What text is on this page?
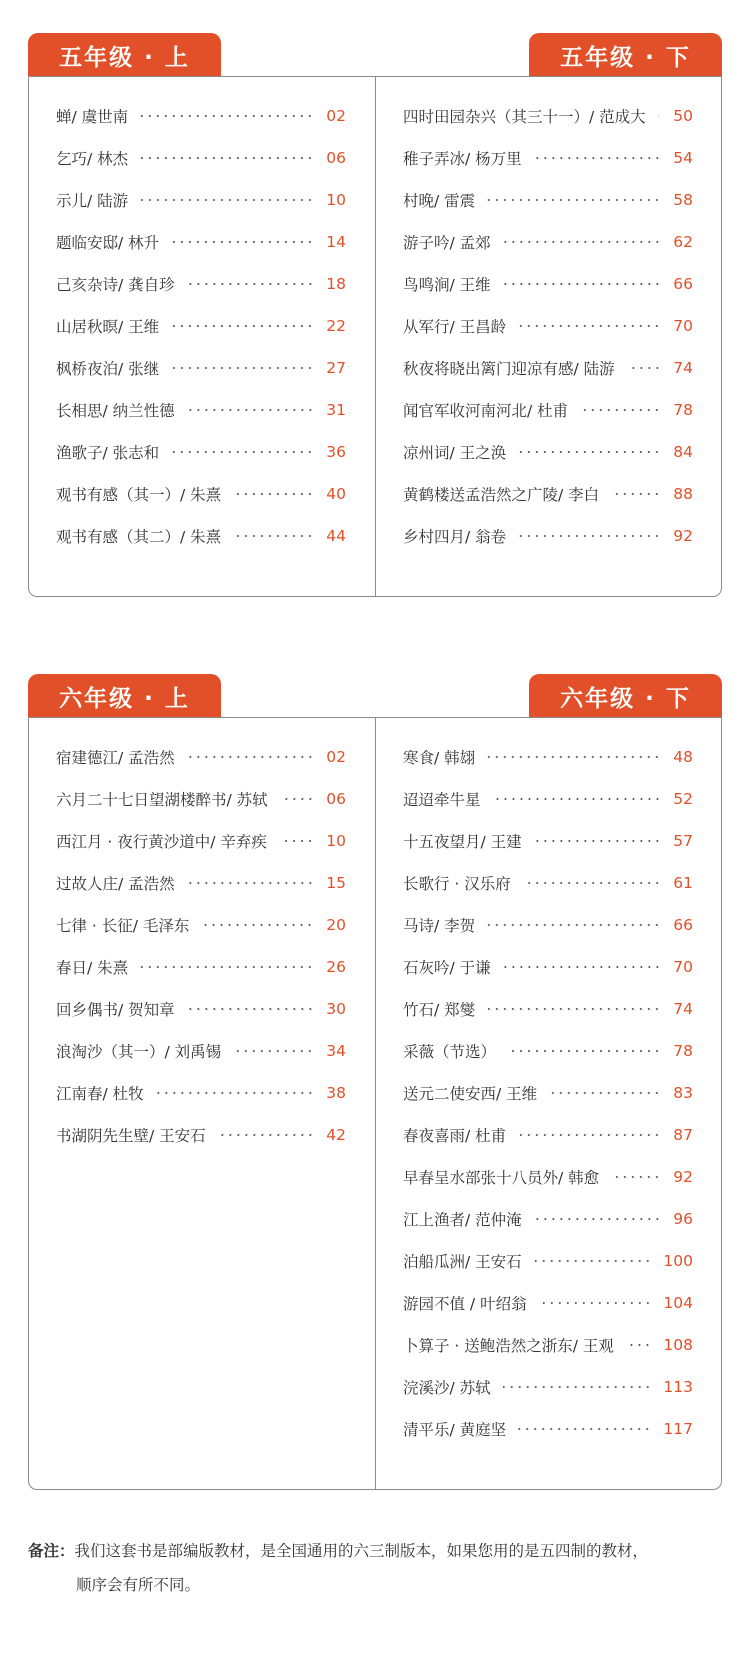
五年级 · 上	五年级 · 下
蝉/ 虞世南	02
乞巧/ 林杰	06
示儿/ 陆游	10
题临安邸/ 林升	14
己亥杂诗/ 龚自珍	18
山居秋暝/ 王维	22
枫桥夜泊/ 张继	27
长相思/ 纳兰性德	31
渔歌子/ 张志和	36
观书有感（其一）/ 朱熹	40
观书有感（其二）/ 朱熹	44
四时田园杂兴（其三十一）/ 范成大 50
稚子弄冰/ 杨万里	54
村晚/ 雷震	58
游子吟/ 孟郊	62
鸟鸣涧/ 王维	66
从军行/ 王昌龄	70
秋夜将晓出篱门迎凉有感/ 陆游	74
闻官军收河南河北/ 杜甫	78
凉州词/ 王之涣	84
黄鹤楼送孟浩然之广陵/ 李白	88
乡村四月/ 翁卷	92
六年级 · 上	六年级 · 下
宿建德江/ 孟浩然	02
六月二十七日望湖楼醉书/ 苏轼	06
西江月 · 夜行黄沙道中/ 辛弃疾	10
过故人庄/ 孟浩然	15
七律 · 长征/ 毛泽东	20
春日/ 朱熹	26
回乡偶书/ 贺知章	30
浪淘沙（其一）/ 刘禹锡	34
江南春/ 杜牧	38
书湖阴先生壁/ 王安石	42
寒食/ 韩翃	48
迢迢牵牛星	52
十五夜望月/ 王建	57
长歌行 · 汉乐府	61
马诗/ 李贺	66
石灰吟/ 于谦	70
竹石/ 郑燮	74
采薇（节选）	78
送元二使安西/ 王维	83
春夜喜雨/ 杜甫	87
早春呈水部张十八员外/ 韩愈	92
江上渔者/ 范仲淹	96
泊船瓜洲/ 王安石	100
游园不值 / 叶绍翁	104
卜算子 · 送鲍浩然之浙东/ 王观	108
浣溪沙/ 苏轼	113
清平乐/ 黄庭坚	117
备注：我们这套书是部编版教材，是全国通用的六三制版本，如果您用的是五四制的教材，
顺序会有所不同。
